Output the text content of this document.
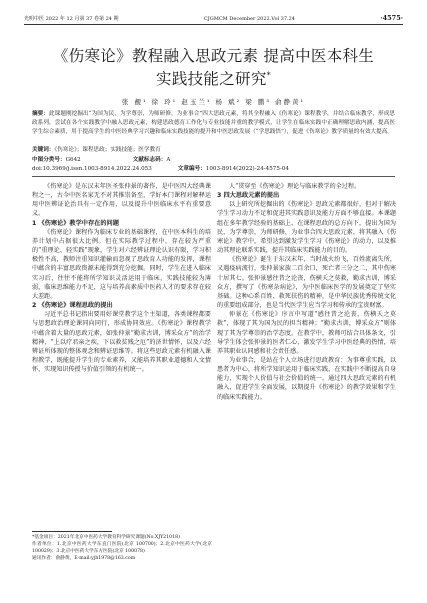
光明中医 2022 年 12 月第 37 卷第 24 期	CJGMCM December 2022.Vol 37.24	·4575·
《伤寒论》教程融入思政元素 提高中医本科生
实践技能之研究*
张 靓¹ 徐 玲¹ 赵玉兰¹ 杨 斌² 梁 鹏³ 俞静黄¹
摘要：此课题刚挖掘出“为国为民，为学尊崇，为师研修，为业事合”四大思政元素，将其全程融入《伤寒论》课程教学，并结合临床教学，形成思政系列，尝试在各个实践教学中融入思政元素，构建思政德育工作化与专业技能并重的教学模式，让学生在临床实践中正确理解思政内涵，提高医学生综合素质，用于提高学生的中医经典学习兴趣和临床实践技能的提升和中医思政发展（“学思践悟”），促进《伤寒论》教学质量的有效大提高。
关键词：《伤寒论》；课程思政；实践技能；医学教育
中图分类号：G642	文献标志码：A
doi:10.3969/j.issn.1003-8914.2022.24.053	文章编号：1003-8914(2022)-24-4575-04

《伤寒论》是东汉末年医圣张仲景的著作，是中医四大经典课程之一，古今中医名家无不对其推崇备至，学好本门课程对解释运用中医辨证论治具有一定作用，以及提升中医临床水平有重要意义。

1 《伤寒论》教学中存在的问题

《伤寒论》课程作为临床专业的基础课程，在中医本科生的培养计划中占据很大比例。但在实际教学过程中，存在较为严重的“重理论、轻实践”现象，学生对六经辨证理论认识有限，学习积极性不高，教师注重知识灌输而忽视了思政育人功能的发挥，课程中蕴含的丰富思政资源未能得到充分挖掘。同时，学生在进入临床实习后，往往不能将所学知识灵活运用于临床，实践技能较为薄弱，临床思维能力不足，这与培养高素质中医药人才的要求存在较大差距。

2 《伤寒论》课程思政的提出

习近平总书记指出要用好课堂教学这个主渠道，各类课程都要与思想政治理论课同向同行，形成协同效应。《伤寒论》课程教学中蕴含着大量的思政元素，如张仲景“勤求古训，博采众方”的治学精神，“上以疗君亲之疾，下以救贫贱之厄”的济世情怀，以及六经辨证所体现的整体观念和辨证思维等。将这些思政元素有机融入课程教学，既能提升学生的专业素养，又能培养其职业道德和人文情怀，实现知识传授与价值引领的有机统一。

人“贯穿至《伤寒论》理论与临床教学的全过程。

3 四大思政元素的提出

以上研究所挖掘出的《伤寒论》思政元素都很好，但对于解决学生学习动力不足和促进其实践意识及能力方面不够直接。本课题组在多年教学经验的基础上，在课程思政的总方向下，提出为国为民，为学尊崇，为师研修，为业事合四大思政元素，将其融入《伤寒论》教学中，希望达到激发学生学习《伤寒论》的动力，以及推动其理论联系实践，提升其临床实践能力的目的。

《伤寒论》诞生于东汉末年，当时战火纷飞，百姓流离失所，又遇疫病流行，张仲景家族二百余口，死亡者三分之二，其中伤寒十居其七。张仲景感往昔之沦丧，伤横夭之莫救，勤求古训，博采众方，撰写了《伤寒杂病论》，为中医临床医学的发展奠定了坚实基础。这种心系百姓、救死扶伤的精神，是中华民族优秀传统文化的重要组成部分，也是当代医学生应当学习和传承的宝贵财富。

仲景在《伤寒论》序言中写道“感往昔之沦丧，伤横夭之莫救”，体现了其为国为民的担当精神；“勤求古训，博采众方”则体现了其为学尊崇的治学态度。在教学中，教师可结合具体条文，引导学生体会张仲景的医者仁心，激发学生学习中医经典的热情，培养其职业认同感和社会责任感。

为业事合，是站在个人立场进行思政教育：为事尊重实践，以患者为中心，将所学知识运用于临床实践，在实践中不断提高自身能力，实现个人价值与社会价值的统一。通过四大思政元素的有机融入，促进学生全面发展，以期提升《伤寒论》的教学效果和学生的临床实践能力。

*基金项目：2021年北京中医药大学教育科学研究课题(No.XJY21018)

作者单位：1.北京中医药大学东直门医院(北京 100700)；2.北京中医药大学(北京 100029)；3.北京中医药大学东方医院(北京 100078)

通讯作者：俞静黄。E-mail:yjh1978@163.com
